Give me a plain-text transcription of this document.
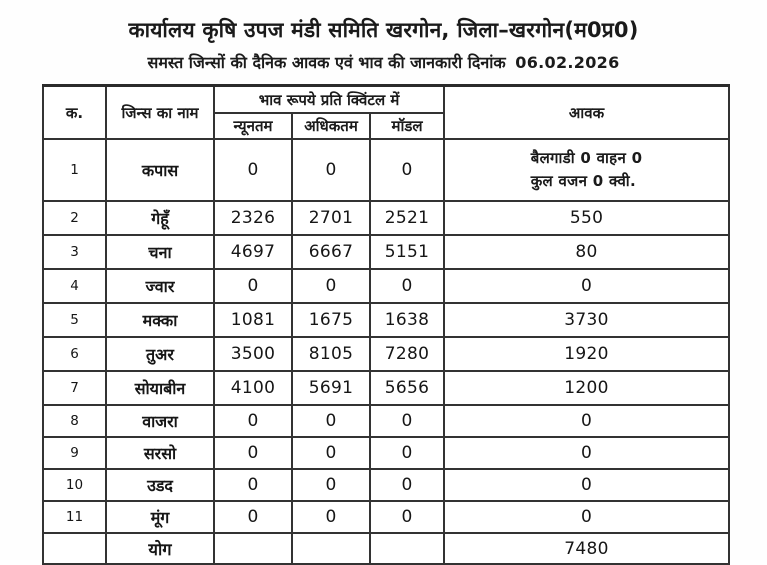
कार्यालय कृषि उपज मंडी समिति खरगोन, जिला–खरगोन(म0प्र0)
समस्त जिन्सों की दैनिक आवक एवं भाव की जानकारी दिनांक 06.02.2026
क.	जिन्स का नाम	भाव रूपये प्रति क्विंटल में			आवक
		न्यूनतम	अधिकतम	मॉडल	
1	कपास	0	0	0	बैलगाडी 0 वाहन 0
कुल वजन 0 क्वी.

2	गेहूँ	2326	2701	2521	550
3	चना	4697	6667	5151	80
4	ज्वार	0	0	0	0
5	मक्का	1081	1675	1638	3730
6	तुअर	3500	8105	7280	1920
7	सोयाबीन	4100	5691	5656	1200
8	वाजरा	0	0	0	0
9	सरसो	0	0	0	0
10	उडद	0	0	0	0
11	मूंग	0	0	0	0
	योग				7480
